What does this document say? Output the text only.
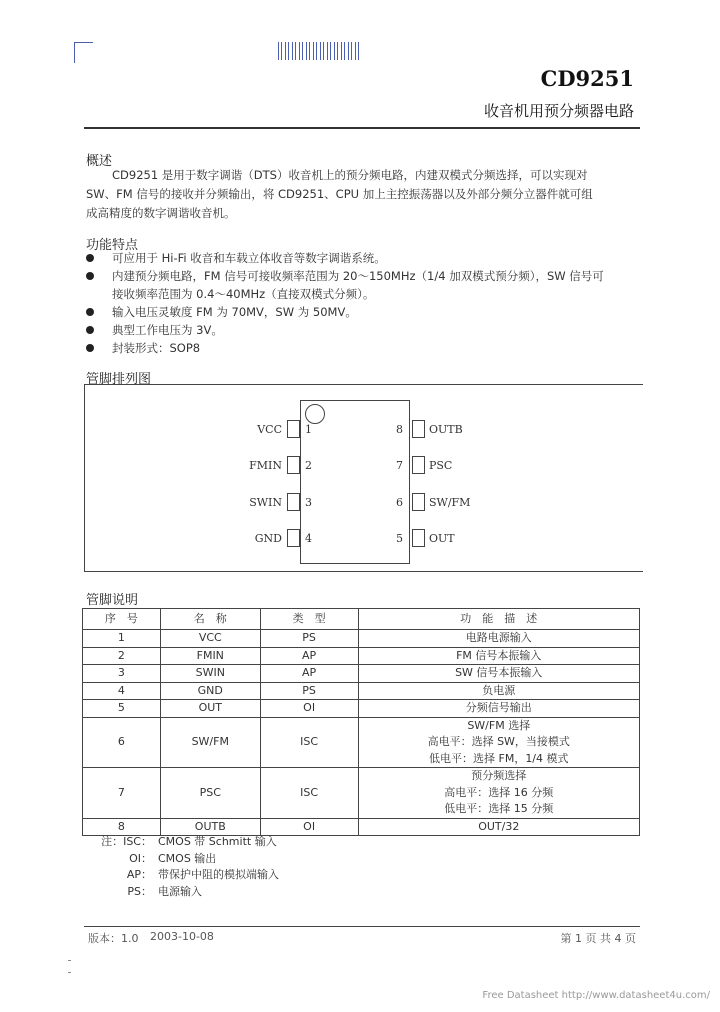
CD9251
收音机用预分频器电路
概述
CD9251 是用于数字调谐（DTS）收音机上的预分频电路，内建双模式分频选择，可以实现对
SW、FM 信号的接收并分频输出，将 CD9251、CPU 加上主控振荡器以及外部分频分立器件就可组
成高精度的数字调谐收音机。
功能特点
可应用于 Hi-Fi 收音和车载立体收音等数字调谐系统。
内建预分频电路，FM 信号可接收频率范围为 20～150MHz（1/4 加双模式预分频），SW 信号可
接收频率范围为 0.4～40MHz（直接双模式分频）。
输入电压灵敏度 FM 为 70MV，SW 为 50MV。
典型工作电压为 3V。
封装形式：SOP8
管脚排列图
VCC
FMIN
SWIN
GND
1
2
3
4
OUTB
PSC
SW/FM
OUT
8
7
6
5
管脚说明
序　号	名　称	类　型	功　能　描　述
1	VCC	PS	电路电源输入
2	FMIN	AP	FM 信号本振输入
3	SWIN	AP	SW 信号本振输入
4	GND	PS	负电源
5	OUT	OI	分频信号输出
6	SW/FM	ISC	SW/FM 选择
高电平：选择 SW，当接模式
低电平：选择 FM，1/4 模式

7	PSC	ISC	预分频选择
高电平：选择 16 分频
低电平：选择 15 分频

8	OUTB	OI	OUT/32
注：ISC： CMOS 带 Schmitt 输入
OI： CMOS 输出
AP： 带保护中阻的模拟端输入
PS： 电源输入
版本：1.0 2003-10-08	第 1 页 共 4 页
Free Datasheet http://www.datasheet4u.com/
